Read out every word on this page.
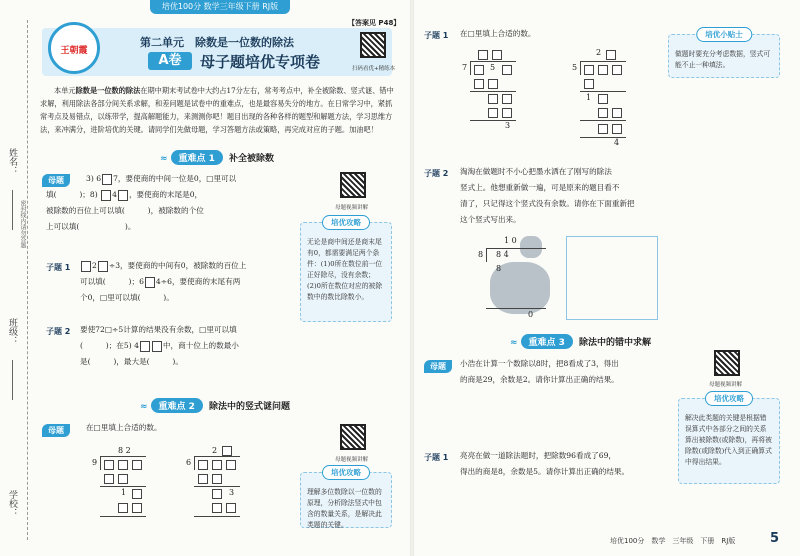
培优100分 数学三年级下册 RJ版
姓名：
密封线内请勿答题
班级：
学校：
王朝霞
【答案见 P48】
扫码看优+精练本
第二单元　除数是一位数的除法
A卷	母子题培优专项卷
本单元除数是一位数的除法在期中期末考试卷中大约占17分左右，常考考点中，补全被除数、竖式谜、错中求解，利用除法各部分间关系求解，和差问题是试卷中的重难点，也是最容易失分的地方。在日常学习中，紧抓常考点及易错点，以练带学，提高解题能力，来测测你吧！题目出现的各种各样的题型和解题方法，学习思维方法，来冲满分，进阶培优的关键。请同学们先做母题，学习答题方法或策略，再完成对应的子题。加油吧！
≈ 重难点 1 补全被除数
母题	3) 6 7，要使商的中间一位是0，□里可以
填(　　　)；8) 4 ，要使商的末尾是0，
被除数的百位上可以填(　　　)，被除数的个位
上可以填(　　　　　　)。
母题视频讲解
培优攻略
无论是商中间还是商末尾有0，都需要满足两个条件：(1)0所在数位前一位正好除尽，没有余数；(2)0所在数位对应的被除数中的数比除数小。
子题 1	2 ÷3，要使商的中间有0，被除数的百位上
可以填(　　　)；6 4÷6，要使商的末尾有两
个0，□里可以填(　　　)。
子题 2 要使72□÷5计算的结果没有余数，□里可以填
(　　　)；在5) 4	中，商十位上的数最小
是(　　　)，最大是(　　　)。
≈ 重难点 2 除法中的竖式谜问题
母题	在□里填上合适的数。
8 2
9
1
2
6
3
母题视频讲解
培优攻略
理解多位数除以一位数的原理，分析除法竖式中包含的数量关系，是解决此类题的关键。
子题 1 在□里填上合适的数。
7	5
3
2
5
1
4
培优小贴士
做题时要充分考虑数据，竖式可能不止一种填法。
子题 2 淘淘在做题时不小心把墨水洒在了刚写的除法
竖式上。他想重新做一遍，可是原来的题目看不
清了，只记得这个竖式没有余数。请你在下面重新把
这个竖式写出来。
1 0
8 8 4
8
0
≈ 重难点 3 除法中的错中求解
母题	小浩在计算一个数除以8时，把8看成了3，得出
的商是29，余数是2。请你计算出正确的结果。
母题视频讲解
培优攻略
解决此类题的关键是根据错误算式中各部分之间的关系算出被除数(或除数)，再将被除数(或除数)代入到正确算式中得出结果。
子题 1 亮亮在做一道除法题时，把除数96看成了69，
得出的商是8，余数是5。请你计算出正确的结果。
培优100分　数学　三年级　下册　RJ版	5
